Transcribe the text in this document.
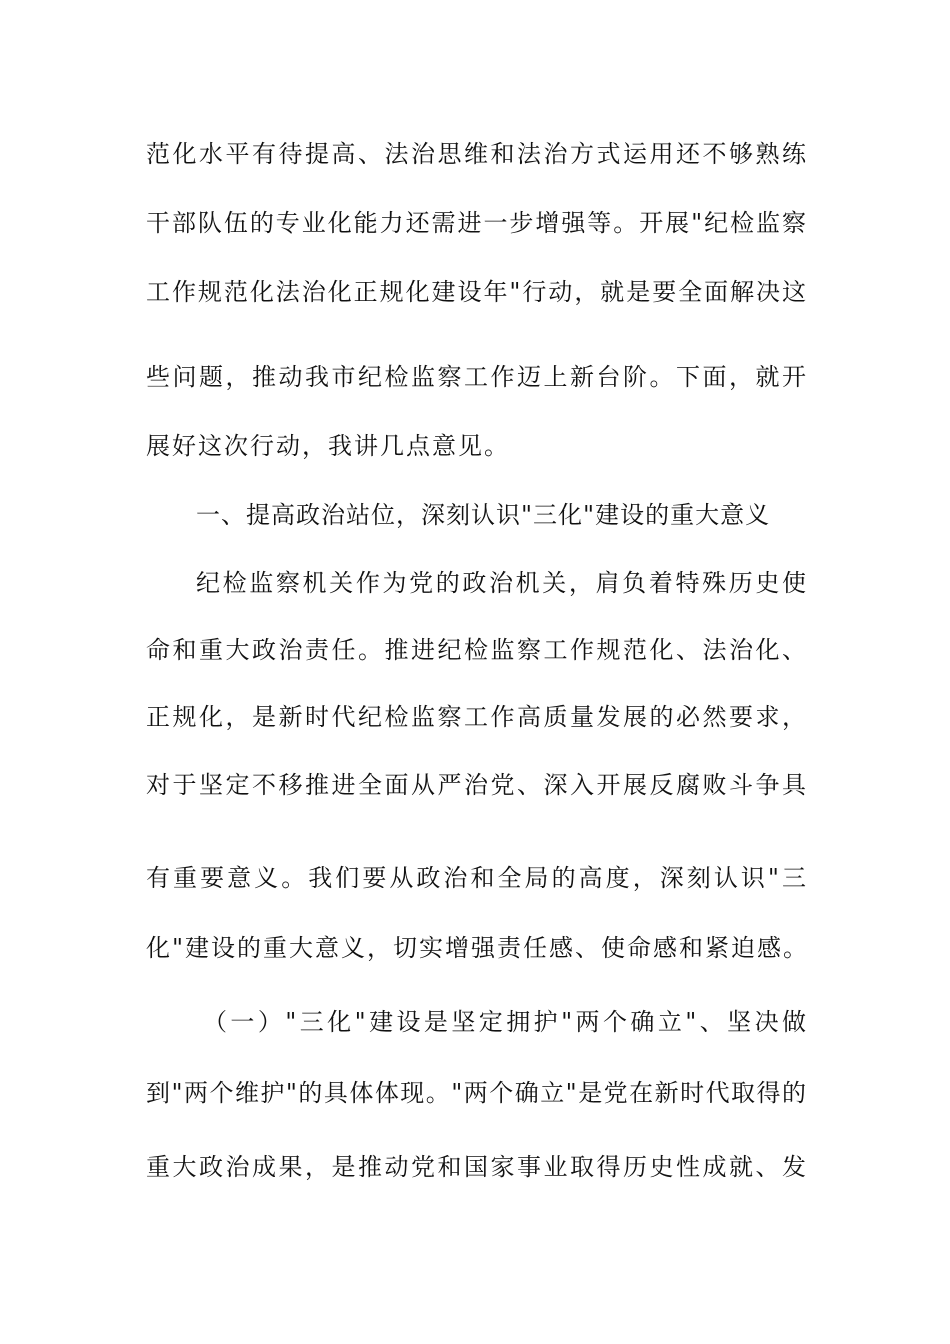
范化水平有待提高、法治思维和法治方式运用还不够熟练
干部队伍的专业化能力还需进一步增强等。开展"纪检监察
工作规范化法治化正规化建设年"行动，就是要全面解决这
些问题，推动我市纪检监察工作迈上新台阶。下面，就开
展好这次行动，我讲几点意见。
一、提高政治站位，深刻认识"三化"建设的重大意义
纪检监察机关作为党的政治机关，肩负着特殊历史使
命和重大政治责任。推进纪检监察工作规范化、法治化、
正规化，是新时代纪检监察工作高质量发展的必然要求，
对于坚定不移推进全面从严治党、深入开展反腐败斗争具
有重要意义。我们要从政治和全局的高度，深刻认识"三
化"建设的重大意义，切实增强责任感、使命感和紧迫感。
（一）"三化"建设是坚定拥护"两个确立"、坚决做
到"两个维护"的具体体现。"两个确立"是党在新时代取得的
重大政治成果，是推动党和国家事业取得历史性成就、发
